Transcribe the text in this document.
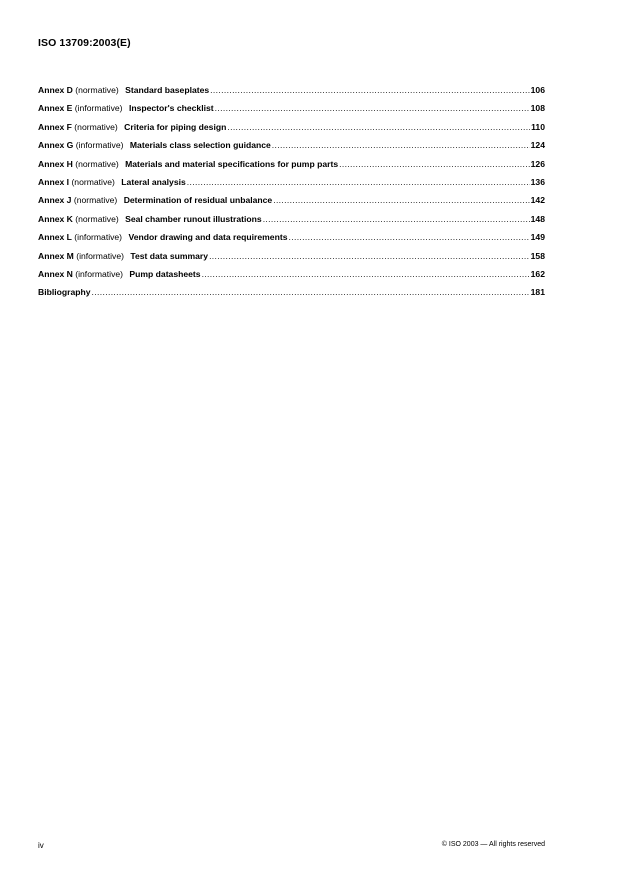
ISO 13709:2003(E)
Annex D (normative) Standard baseplates .....	106
Annex E (informative) Inspector's checklist .....	108
Annex F (normative) Criteria for piping design .....	110
Annex G (informative) Materials class selection guidance .....	124
Annex H (normative) Materials and material specifications for pump parts .....	126
Annex I (normative) Lateral analysis .....	136
Annex J (normative) Determination of residual unbalance .....	142
Annex K (normative) Seal chamber runout illustrations .....	148
Annex L (informative) Vendor drawing and data requirements .....	149
Annex M (informative) Test data summary .....	158
Annex N (informative) Pump datasheets .....	162
Bibliography .....	181
iv	© ISO 2003 — All rights reserved
